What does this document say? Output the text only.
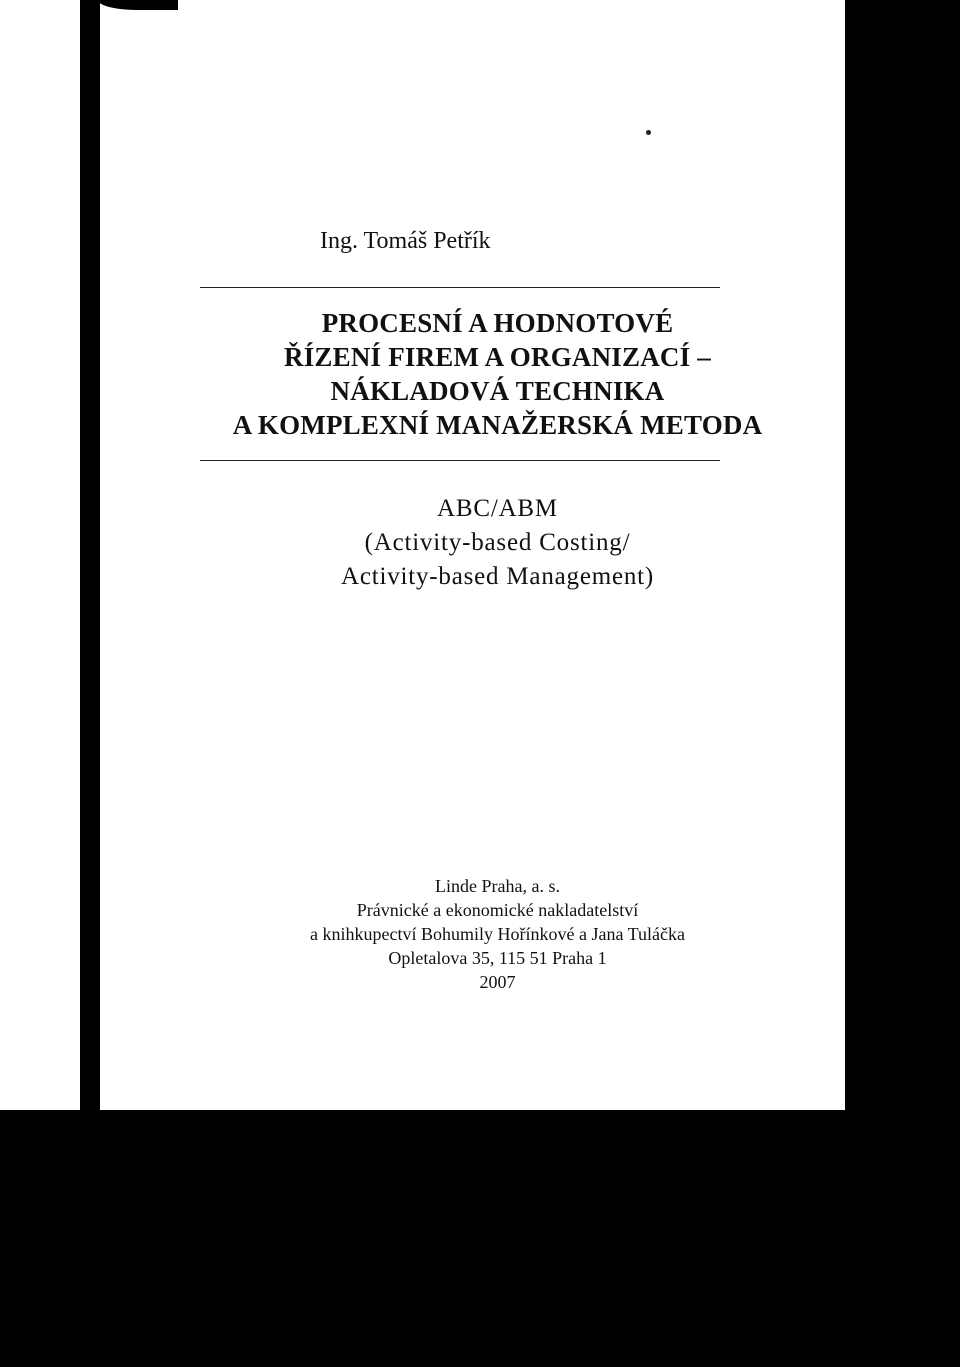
Ing. Tomáš Petřík
PROCESNÍ A HODNOTOVÉ
ŘÍZENÍ FIREM A ORGANIZACÍ –
NÁKLADOVÁ TECHNIKA
A KOMPLEXNÍ MANAŽERSKÁ METODA
ABC/ABM
(Activity-based Costing/
Activity-based Management)
Linde Praha, a. s.
Právnické a ekonomické nakladatelství
a knihkupectví Bohumily Hořínkové a Jana Tuláčka
Opletalova 35, 115 51 Praha 1
2007
